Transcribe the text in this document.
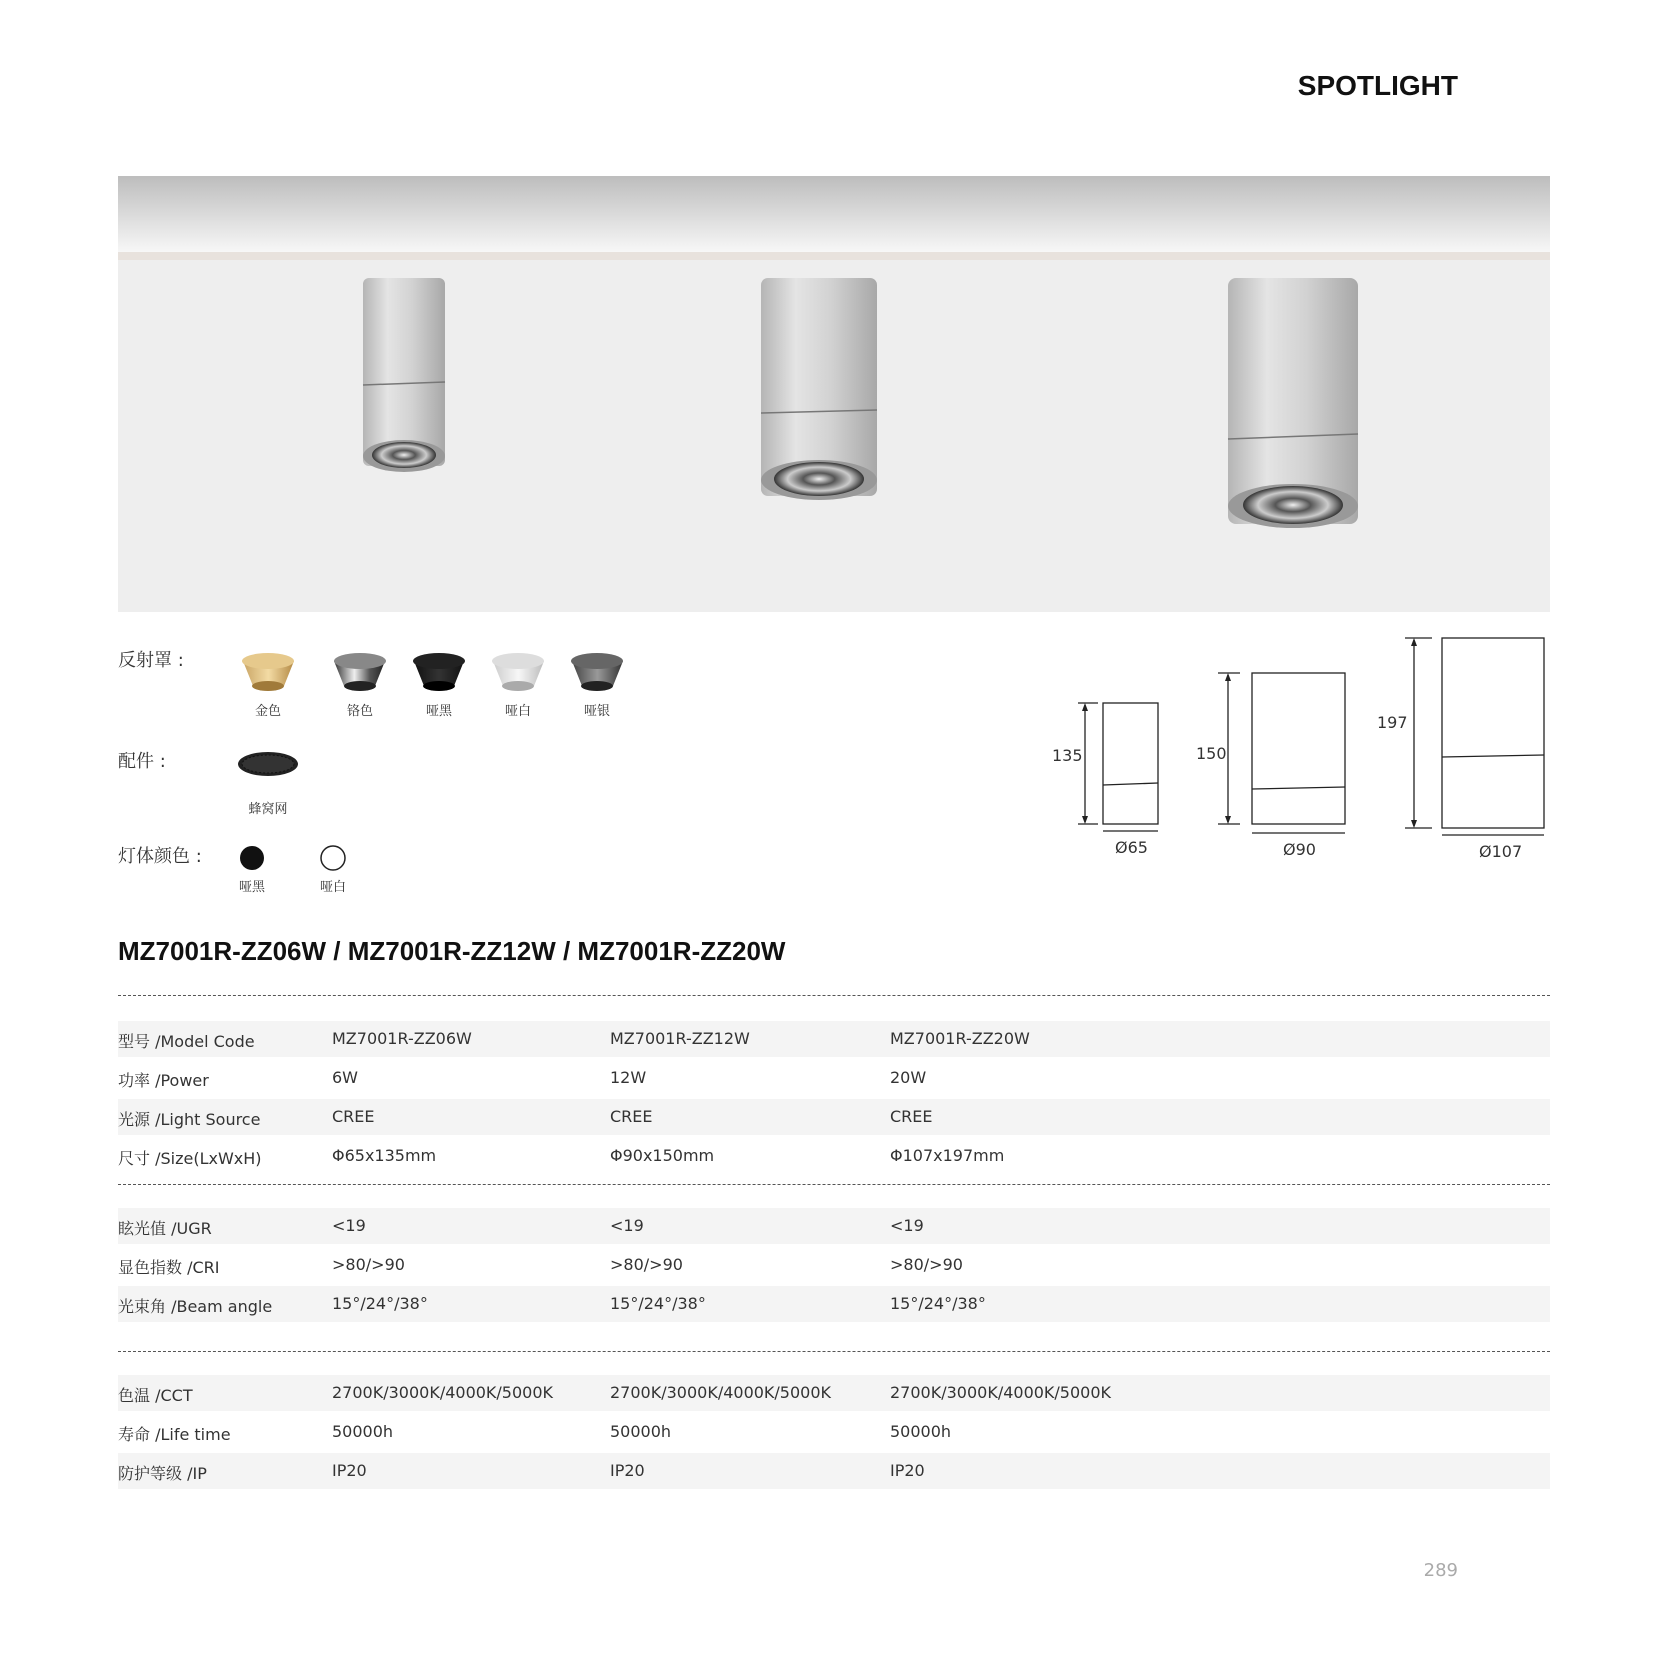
SPOTLIGHT
反射罩 :
金色	铬色	哑黑	哑白	哑银
配件 :
蜂窝网
灯体颜色 :
哑黑	哑白
135
Ø65
150
Ø90
197
Ø107
MZ7001R-ZZ06W / MZ7001R-ZZ12W / MZ7001R-ZZ20W
型号 /Model Code	MZ7001R-ZZ06W	MZ7001R-ZZ12W	MZ7001R-ZZ20W
功率 /Power	6W	12W	20W
光源 /Light Source	CREE	CREE	CREE
尺寸 /Size(LxWxH)	Φ65x135mm	Φ90x150mm	Φ107x197mm
眩光值 /UGR	<19	<19	<19
显色指数 /CRI	>80/>90	>80/>90	>80/>90
光束角 /Beam angle	15°/24°/38°	15°/24°/38°	15°/24°/38°
色温 /CCT	2700K/3000K/4000K/5000K	2700K/3000K/4000K/5000K	2700K/3000K/4000K/5000K
寿命 /Life time	50000h	50000h	50000h
防护等级 /IP	IP20	IP20	IP20
289
